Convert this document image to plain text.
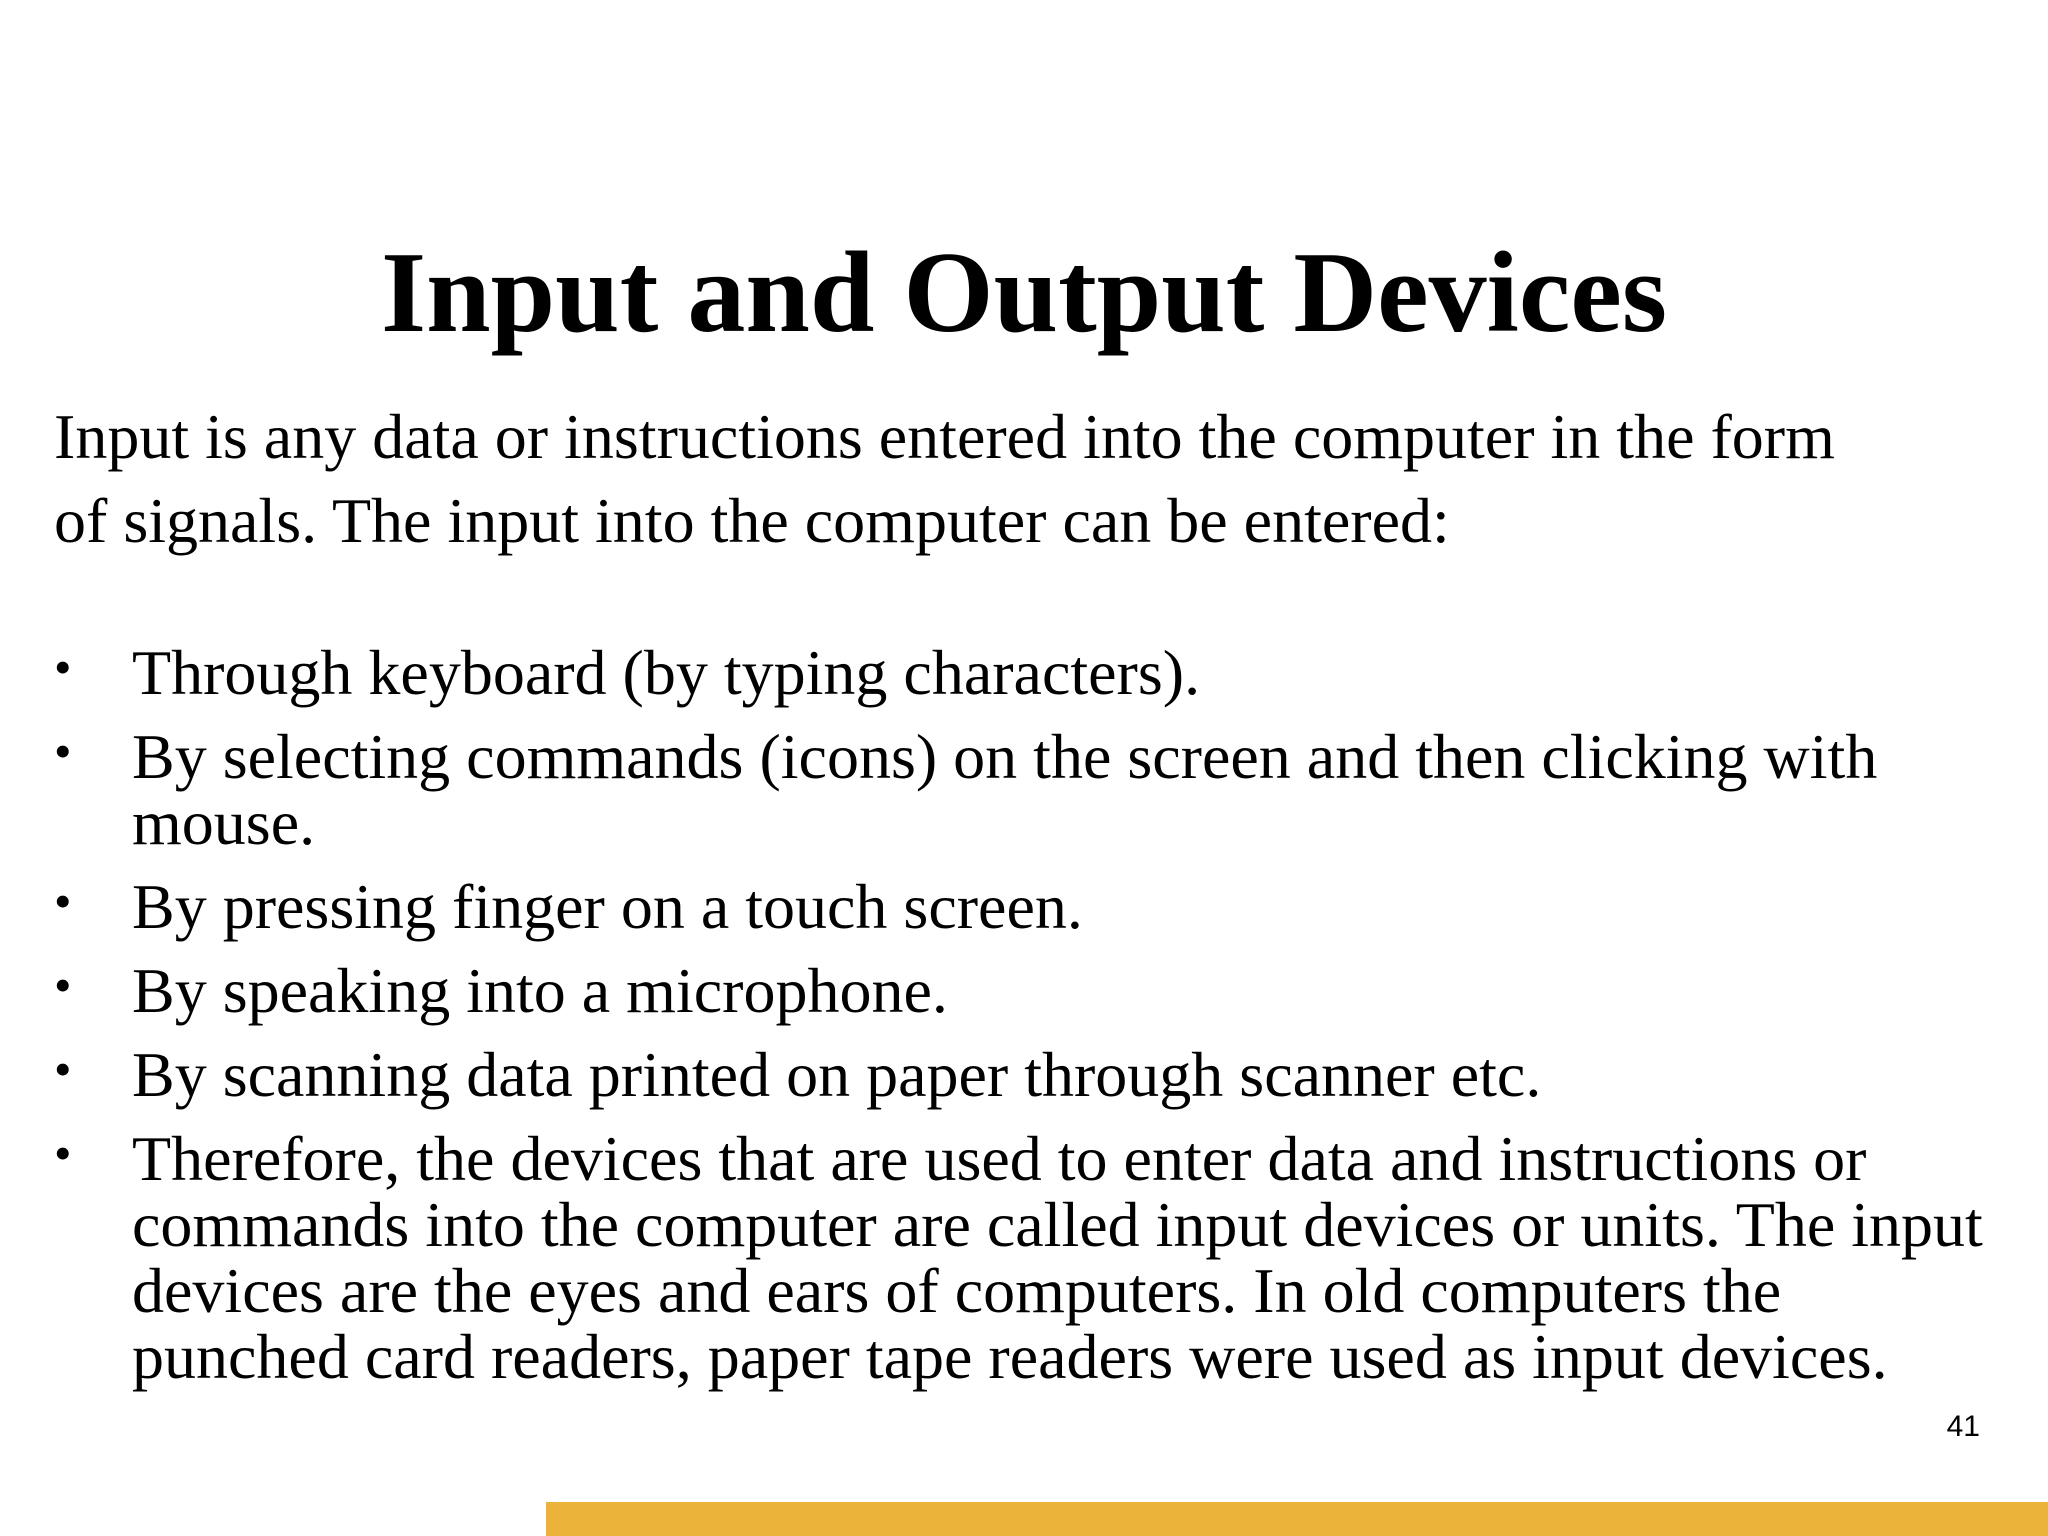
Input and Output Devices

Input is any data or instructions entered into the computer in the form
of signals. The input into the computer can be entered:

• Through keyboard (by typing characters).
• By selecting commands (icons) on the screen and then clicking with mouse.
• By pressing finger on a touch screen.
• By speaking into a microphone.
• By scanning data printed on paper through scanner etc.
• Therefore, the devices that are used to enter data and instructions or commands into the computer are called input devices or units. The input devices are the eyes and ears of computers. In old computers the punched card readers, paper tape readers were used as input devices.
41
